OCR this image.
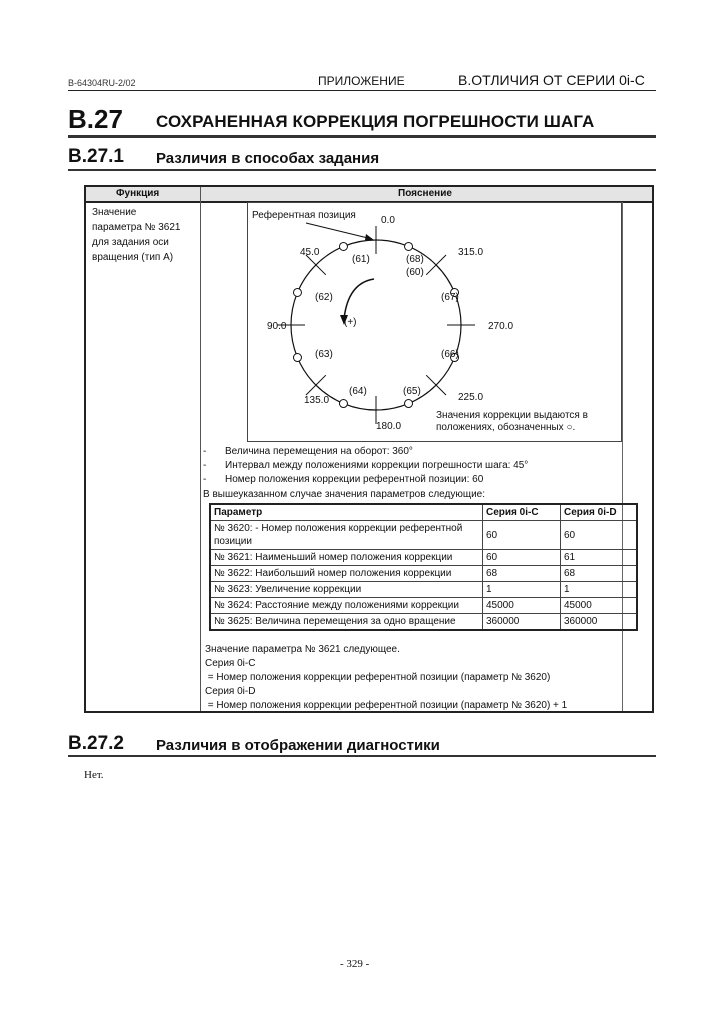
B-64304RU-2/02	ПРИЛОЖЕНИЕ	B.ОТЛИЧИЯ ОТ СЕРИИ 0i-C
B.27 СОХРАНЕННАЯ КОРРЕКЦИЯ ПОГРЕШНОСТИ ШАГА
B.27.1 Различия в способах задания
Функция	Пояснение
Значение
параметра № 3621
для задания оси
вращения (тип А)
Референтная позиция
(+)
0.0
45.0
90.0
135.0
180.0
225.0
270.0
315.0
(61)
(62)
(63)
(64)	(65)
(66)
(67)
(68)
(60)
Значения коррекции выдаются в
положениях, обозначенных ○.
-	Величина перемещения на оборот: 360°
-	Интервал между положениями коррекции погрешности шага: 45°
-	Номер положения коррекции референтной позиции: 60
В вышеуказанном случае значения параметров следующие:
Параметр	Серия 0i-C	Серия 0i-D
№ 3620: - Номер положения коррекции референтной позиции	60	60
№ 3621: Наименьший номер положения коррекции	60	61
№ 3622: Наибольший номер положения коррекции	68	68
№ 3623: Увеличение коррекции	1	1
№ 3624: Расстояние между положениями коррекции	45000	45000
№ 3625: Величина перемещения за одно вращение	360000	360000
Значение параметра № 3621 следующее.
Серия 0i-C
= Номер положения коррекции референтной позиции (параметр № 3620)
Серия 0i-D
= Номер положения коррекции референтной позиции (параметр № 3620) + 1
B.27.2 Различия в отображении диагностики
Нет.
- 329 -
